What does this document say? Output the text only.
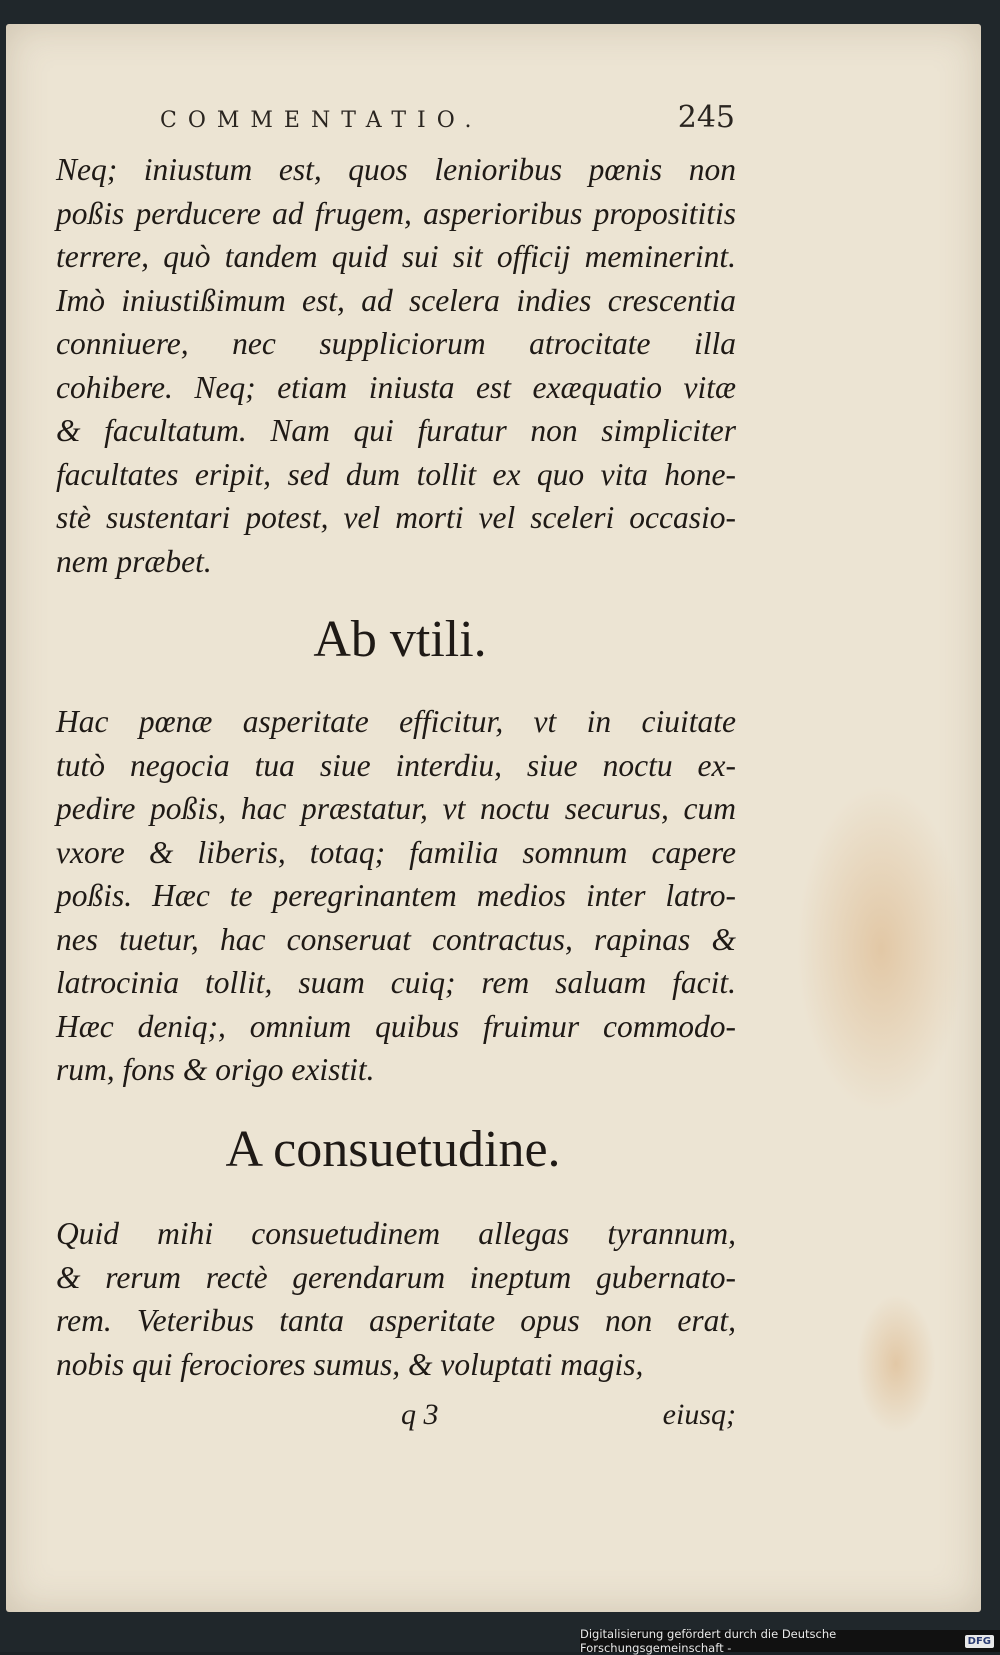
COMMENTATIO.	245
Neq; iniustum est, quos lenioribus pœnis non
poßis perducere ad frugem, asperioribus proposititis
terrere, quò tandem quid sui sit officij meminerint.
Imò iniustißimum est, ad scelera indies crescentia
conniuere, nec suppliciorum atrocitate illa
cohibere. Neq; etiam iniusta est exæquatio vitæ
& facultatum. Nam qui furatur non simpliciter
facultates eripit, sed dum tollit ex quo vita hone-
stè sustentari potest, vel morti vel sceleri occasio-
nem præbet.
Ab vtili.
Hac pœnæ asperitate efficitur, vt in ciuitate
tutò negocia tua siue interdiu, siue noctu ex-
pedire poßis, hac præstatur, vt noctu securus, cum
vxore & liberis, totaq; familia somnum capere
poßis. Hæc te peregrinantem medios inter latro-
nes tuetur, hac conseruat contractus, rapinas &
latrocinia tollit, suam cuiq; rem saluam facit.
Hæc deniq;, omnium quibus fruimur commodo-
rum, fons & origo existit.
A consuetudine.
Quid mihi consuetudinem allegas tyrannum,
& rerum rectè gerendarum ineptum gubernato-
rem. Veteribus tanta asperitate opus non erat,
nobis qui ferociores sumus, & voluptati magis,
q 3	eiusq;
Digitalisierung gefördert durch die Deutsche Forschungsgemeinschaft -	DFG
